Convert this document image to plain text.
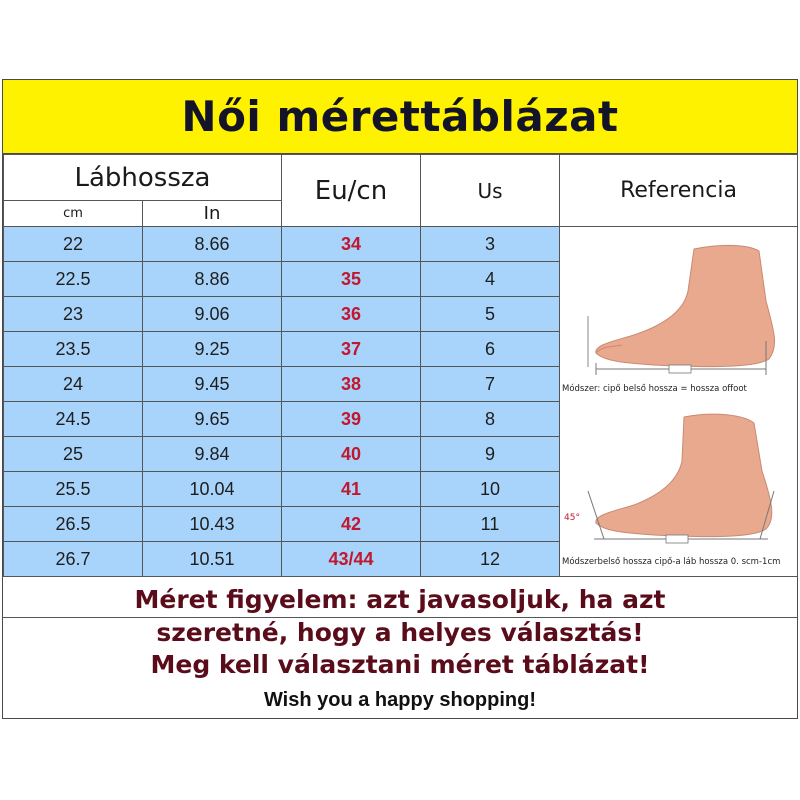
Női mérettáblázat
Lábhossza		Eu/cn	Us	Referencia
cm	In			
22	8.66	34	3	Módszer: cipő belső hossza = hossza offoot
45°
Módszerbelső hossza cipő-a láb hossza 0. scm-1cm

22.5	8.86	35	4	
23	9.06	36	5	
23.5	9.25	37	6	
24	9.45	38	7	
24.5	9.65	39	8	
25	9.84	40	9	
25.5	10.04	41	10	
26.5	10.43	42	11	
26.7	10.51	43/44	12	
Méret figyelem: azt javasoljuk, ha azt
szeretné, hogy a helyes választás!
Meg kell választani méret táblázat!
Wish you a happy shopping!
